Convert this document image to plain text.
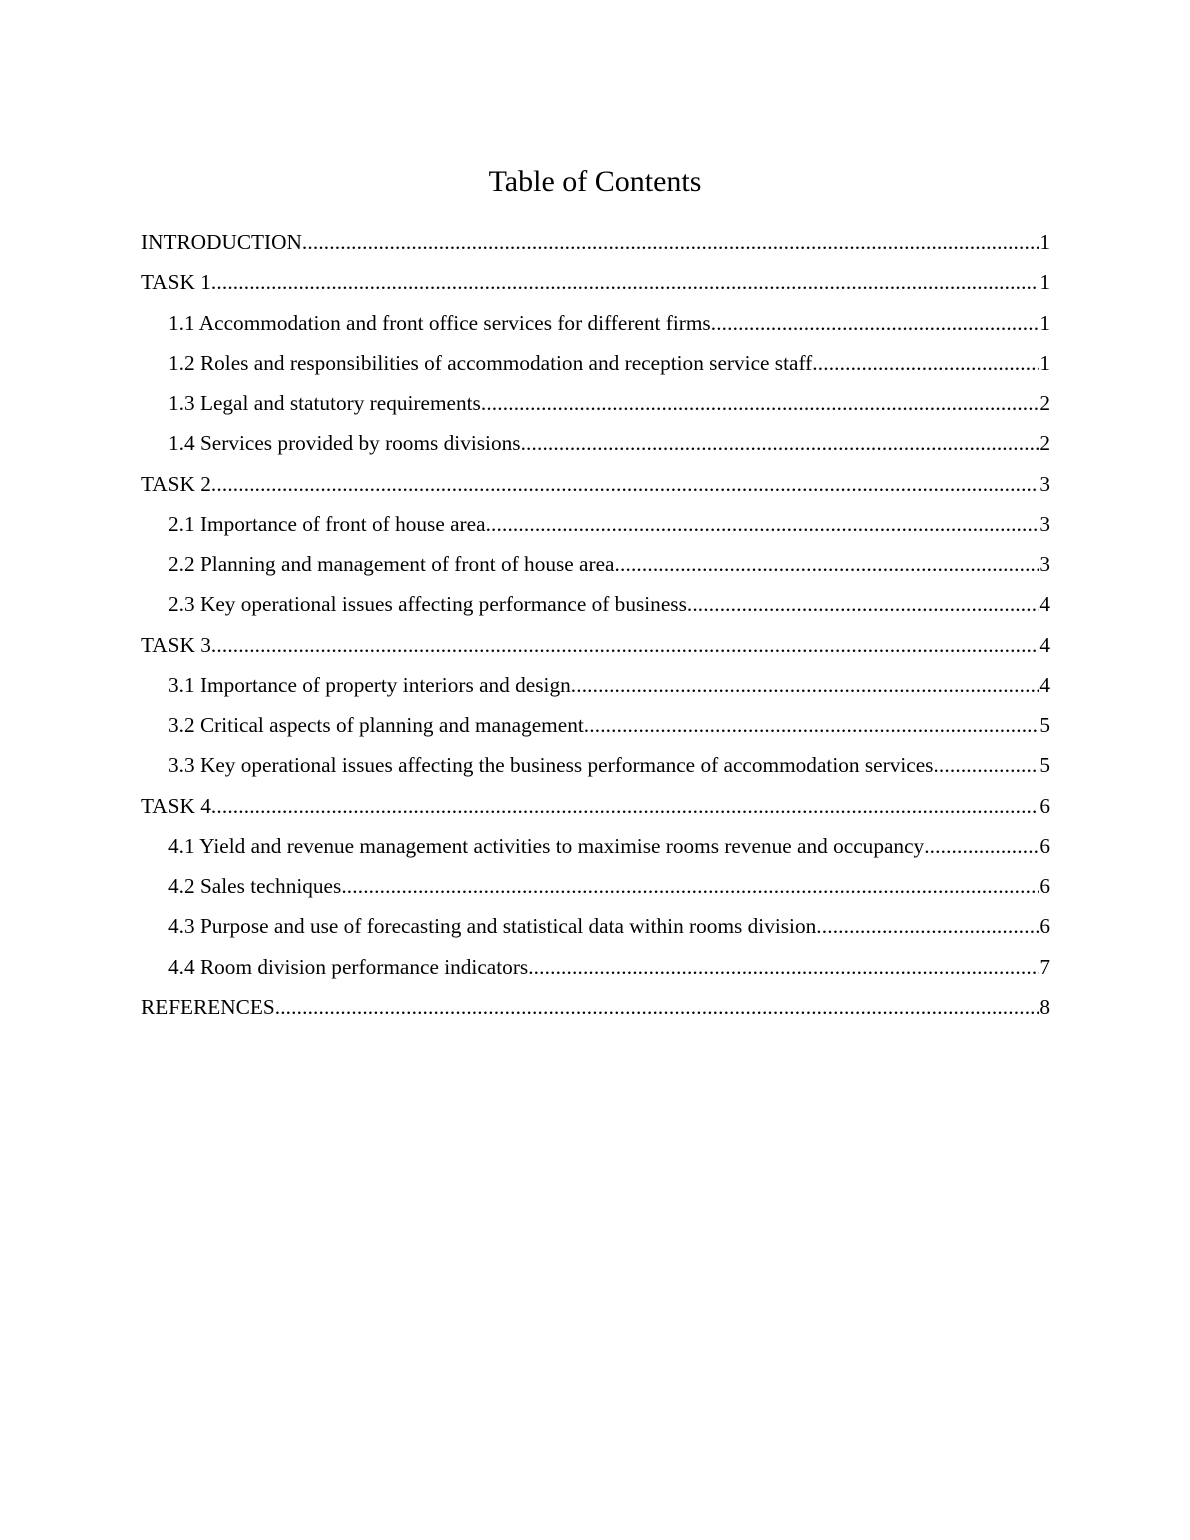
Table of Contents
INTRODUCTION .....	1
TASK 1 .....	1
1.1 Accommodation and front office services for different firms .....	1
1.2 Roles and responsibilities of accommodation and reception service staff .....	1
1.3 Legal and statutory requirements .....	2
1.4 Services provided by rooms divisions .....	2
TASK 2 .....	3
2.1 Importance of front of house area .....	3
2.2 Planning and management of front of house area .....	3
2.3 Key operational issues affecting performance of business .....	4
TASK 3 .....	4
3.1 Importance of property interiors and design .....	4
3.2 Critical aspects of planning and management .....	5
3.3 Key operational issues affecting the business performance of accommodation services .....	5
TASK 4 .....	6
4.1 Yield and revenue management activities to maximise rooms revenue and occupancy .....	6
4.2 Sales techniques .....	6
4.3 Purpose and use of forecasting and statistical data within rooms division .....	6
4.4 Room division performance indicators .....	7
REFERENCES .....	8
